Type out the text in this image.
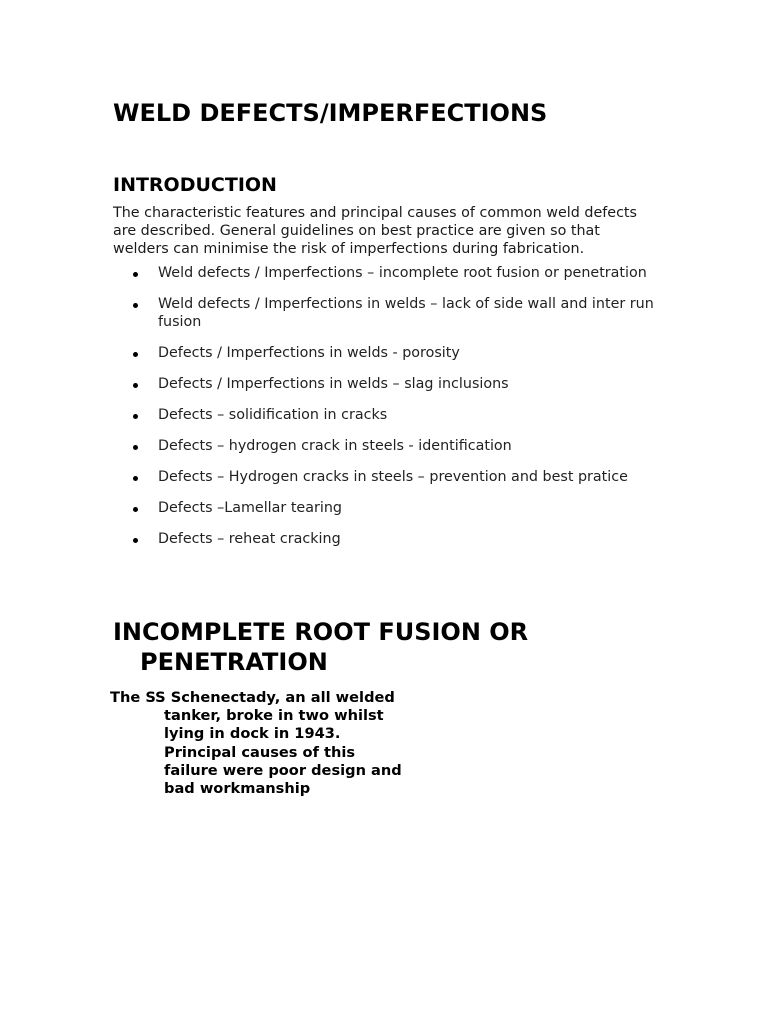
WELD DEFECTS/IMPERFECTIONS
INTRODUCTION

The characteristic features and principal causes of common weld defects are described. General guidelines on best practice are given so that welders can minimise the risk of imperfections during fabrication.

Weld defects / Imperfections – incomplete root fusion or penetration
Weld defects / Imperfections in welds – lack of side wall and inter run fusion
Defects / Imperfections in welds - porosity
Defects / Imperfections in welds – slag inclusions
Defects – solidification in cracks
Defects – hydrogen crack in steels - identification
Defects – Hydrogen cracks in steels – prevention and best pratice
Defects –Lamellar tearing
Defects – reheat cracking
INCOMPLETE ROOT FUSION OR PENETRATION

The SS Schenectady, an all welded tanker, broke in two whilst lying in dock in 1943. Principal causes of this failure were poor design and bad workmanship
